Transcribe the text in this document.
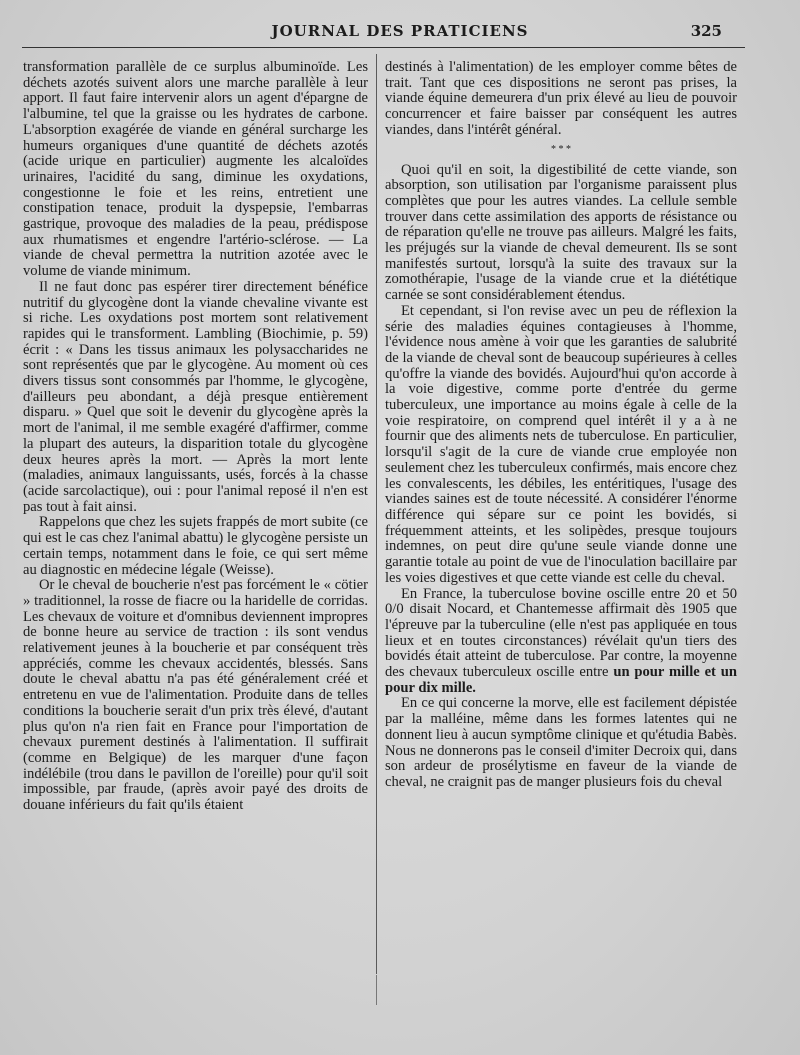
JOURNAL DES PRATICIENS	325

transformation parallèle de ce surplus albuminoïde. Les déchets azotés suivent alors une marche parallèle à leur apport. Il faut faire intervenir alors un agent d'épargne de l'albumine, tel que la graisse ou les hydrates de carbone. L'absorption exagérée de viande en général surcharge les humeurs organiques d'une quantité de déchets azotés (acide urique en particulier) augmente les alcaloïdes urinaires, l'acidité du sang, diminue les oxydations, congestionne le foie et les reins, entretient une constipation tenace, produit la dyspepsie, l'embarras gastrique, provoque des maladies de la peau, prédispose aux rhumatismes et engendre l'artério-sclérose. — La viande de cheval permettra la nutrition azotée avec le volume de viande minimum.

Il ne faut donc pas espérer tirer directement bénéfice nutritif du glycogène dont la viande chevaline vivante est si riche. Les oxydations post mortem sont relativement rapides qui le transforment. Lambling (Biochimie, p. 59) écrit : « Dans les tissus animaux les polysaccharides ne sont représentés que par le glycogène. Au moment où ces divers tissus sont consommés par l'homme, le glycogène, d'ailleurs peu abondant, a déjà presque entièrement disparu. » Quel que soit le devenir du glycogène après la mort de l'animal, il me semble exagéré d'affirmer, comme la plupart des auteurs, la disparition totale du glycogène deux heures après la mort. — Après la mort lente (maladies, animaux languissants, usés, forcés à la chasse (acide sarcolactique), oui : pour l'animal reposé il n'en est pas tout à fait ainsi.

Rappelons que chez les sujets frappés de mort subite (ce qui est le cas chez l'animal abattu) le glycogène persiste un certain temps, notamment dans le foie, ce qui sert même au diagnostic en médecine légale (Weisse).

Or le cheval de boucherie n'est pas forcément le « cötier » traditionnel, la rosse de fiacre ou la haridelle de corridas. Les chevaux de voiture et d'omnibus deviennent impropres de bonne heure au service de traction : ils sont vendus relativement jeunes à la boucherie et par conséquent très appréciés, comme les chevaux accidentés, blessés. Sans doute le cheval abattu n'a pas été généralement créé et entretenu en vue de l'alimentation. Produite dans de telles conditions la boucherie serait d'un prix très élevé, d'autant plus qu'on n'a rien fait en France pour l'importation de chevaux purement destinés à l'alimentation. Il suffirait (comme en Belgique) de les marquer d'une façon indélébile (trou dans le pavillon de l'oreille) pour qu'il soit impossible, par fraude, (après avoir payé des droits de douane inférieurs du fait qu'ils étaient

destinés à l'alimentation) de les employer comme bêtes de trait. Tant que ces dispositions ne seront pas prises, la viande équine demeurera d'un prix élevé au lieu de pouvoir concurrencer et faire baisser par conséquent les autres viandes, dans l'intérêt général.

* * *

Quoi qu'il en soit, la digestibilité de cette viande, son absorption, son utilisation par l'organisme paraissent plus complètes que pour les autres viandes. La cellule semble trouver dans cette assimilation des apports de résistance ou de réparation qu'elle ne trouve pas ailleurs. Malgré les faits, les préjugés sur la viande de cheval demeurent. Ils se sont manifestés surtout, lorsqu'à la suite des travaux sur la zomothérapie, l'usage de la viande crue et la diététique carnée se sont considérablement étendus.

Et cependant, si l'on revise avec un peu de réflexion la série des maladies équines contagieuses à l'homme, l'évidence nous amène à voir que les garanties de salubrité de la viande de cheval sont de beaucoup supérieures à celles qu'offre la viande des bovidés. Aujourd'hui qu'on accorde à la voie digestive, comme porte d'entrée du germe tuberculeux, une importance au moins égale à celle de la voie respiratoire, on comprend quel intérêt il y a à ne fournir que des aliments nets de tuberculose. En particulier, lorsqu'il s'agit de la cure de viande crue employée non seulement chez les tuberculeux confirmés, mais encore chez les convalescents, les débiles, les entéritiques, l'usage des viandes saines est de toute nécessité. A considérer l'énorme différence qui sépare sur ce point les bovidés, si fréquemment atteints, et les solipèdes, presque toujours indemnes, on peut dire qu'une seule viande donne une garantie totale au point de vue de l'inoculation bacillaire par les voies digestives et que cette viande est celle du cheval.

En France, la tuberculose bovine oscille entre 20 et 50 0/0 disait Nocard, et Chantemesse affirmait dès 1905 que l'épreuve par la tuberculine (elle n'est pas appliquée en tous lieux et en toutes circonstances) révélait qu'un tiers des bovidés était atteint de tuberculose. Par contre, la moyenne des chevaux tuberculeux oscille entre un pour mille et un pour dix mille.

En ce qui concerne la morve, elle est facilement dépistée par la malléine, même dans les formes latentes qui ne donnent lieu à aucun symptôme clinique et qu'étudia Babès. Nous ne donnerons pas le conseil d'imiter Decroix qui, dans son ardeur de prosélytisme en faveur de la viande de cheval, ne craignit pas de manger plusieurs fois du cheval
